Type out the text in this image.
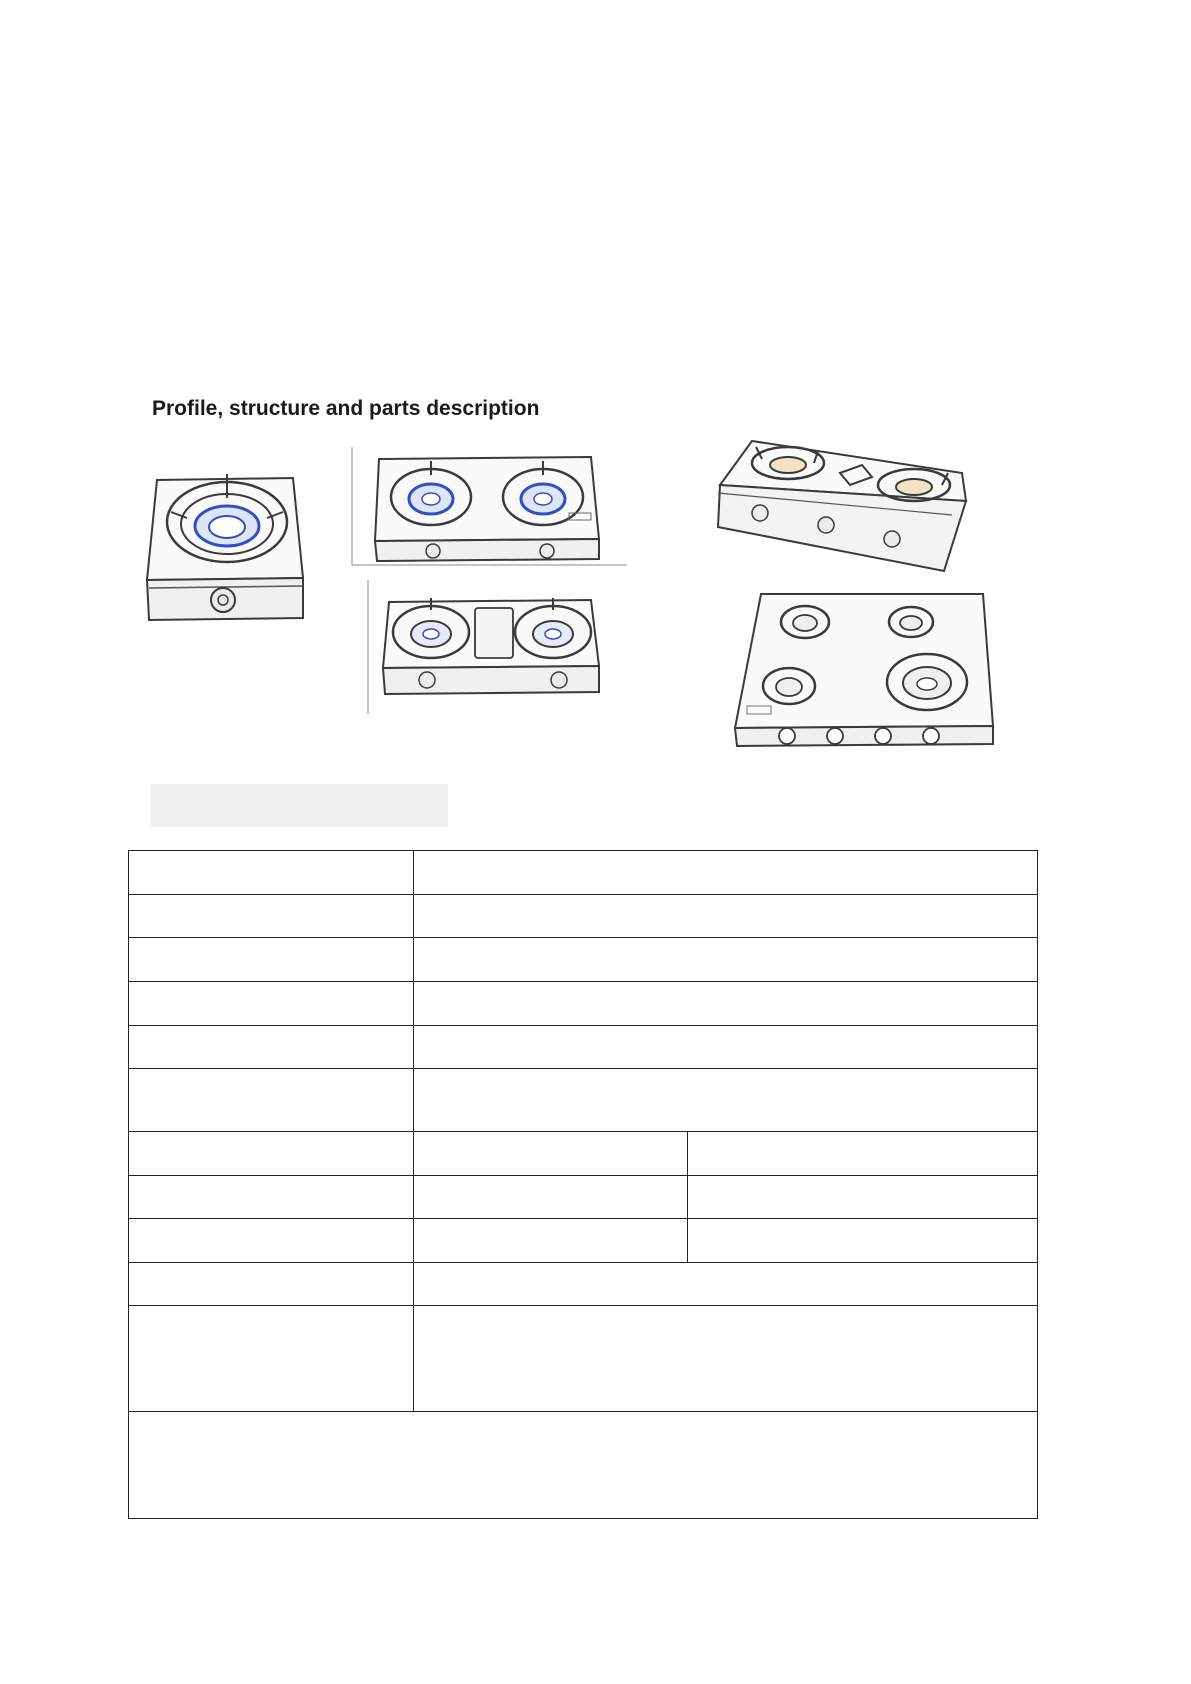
Profile, structure and parts description
